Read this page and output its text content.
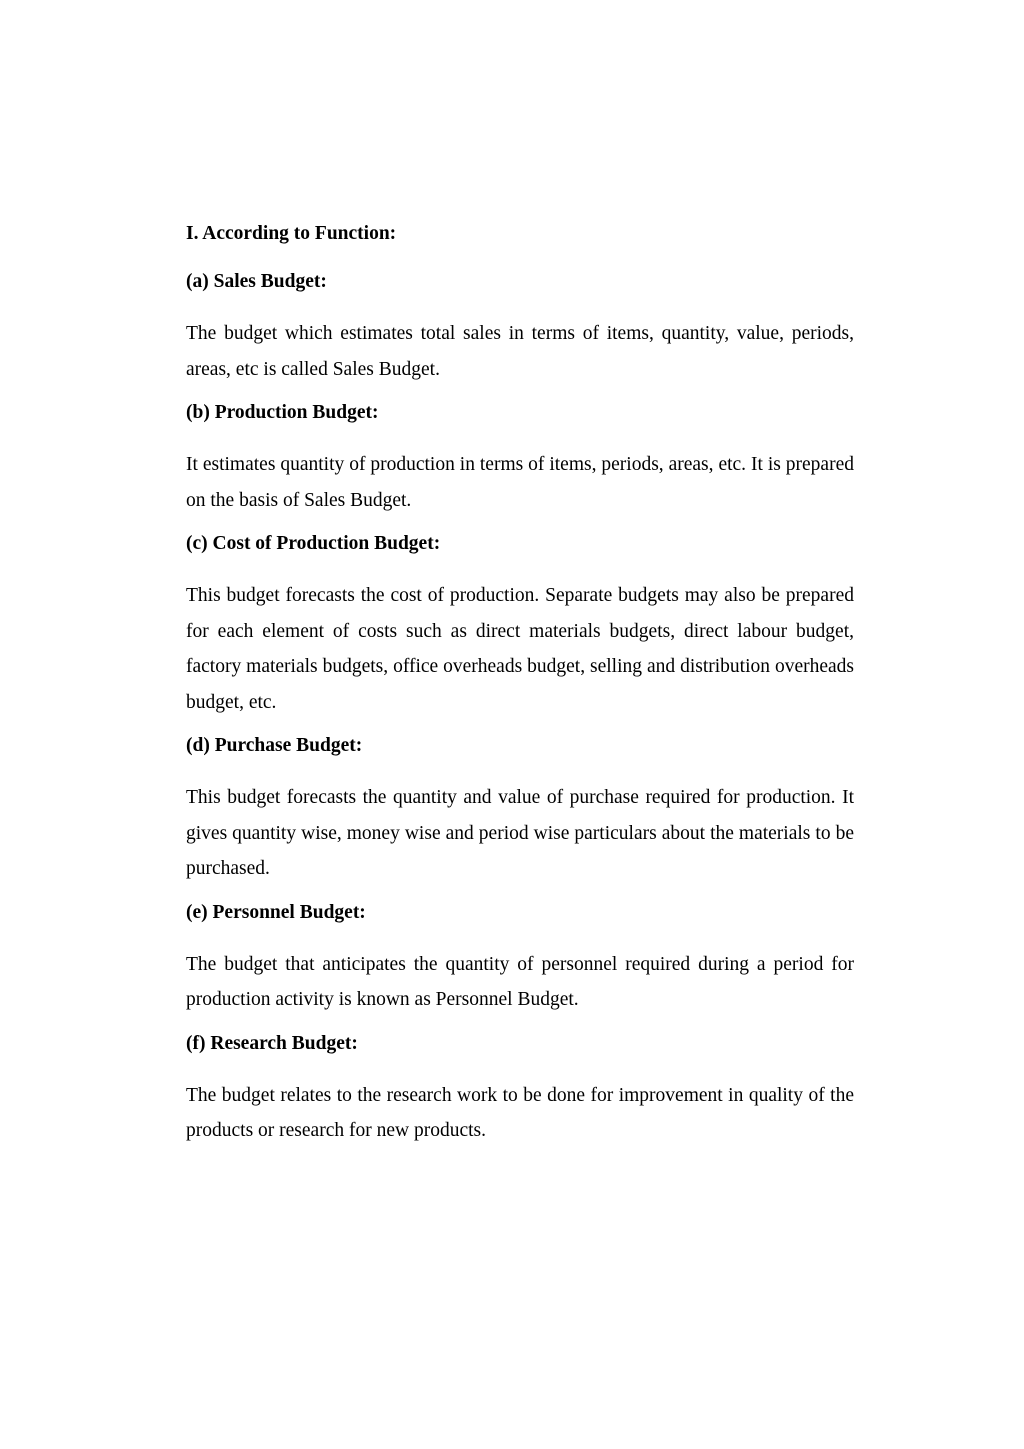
I. According to Function:
(a) Sales Budget:
The budget which estimates total sales in terms of items, quantity, value, periods, areas, etc is called Sales Budget.
(b) Production Budget:
It estimates quantity of production in terms of items, periods, areas, etc. It is prepared on the basis of Sales Budget.
(c) Cost of Production Budget:
This budget forecasts the cost of production. Separate budgets may also be prepared for each element of costs such as direct materials budgets, direct labour budget, factory materials budgets, office overheads budget, selling and distribution overheads budget, etc.
(d) Purchase Budget:
This budget forecasts the quantity and value of purchase required for production. It gives quantity wise, money wise and period wise particulars about the materials to be purchased.
(e) Personnel Budget:
The budget that anticipates the quantity of personnel required during a period for production activity is known as Personnel Budget.
(f) Research Budget:
The budget relates to the research work to be done for improvement in quality of the products or research for new products.
